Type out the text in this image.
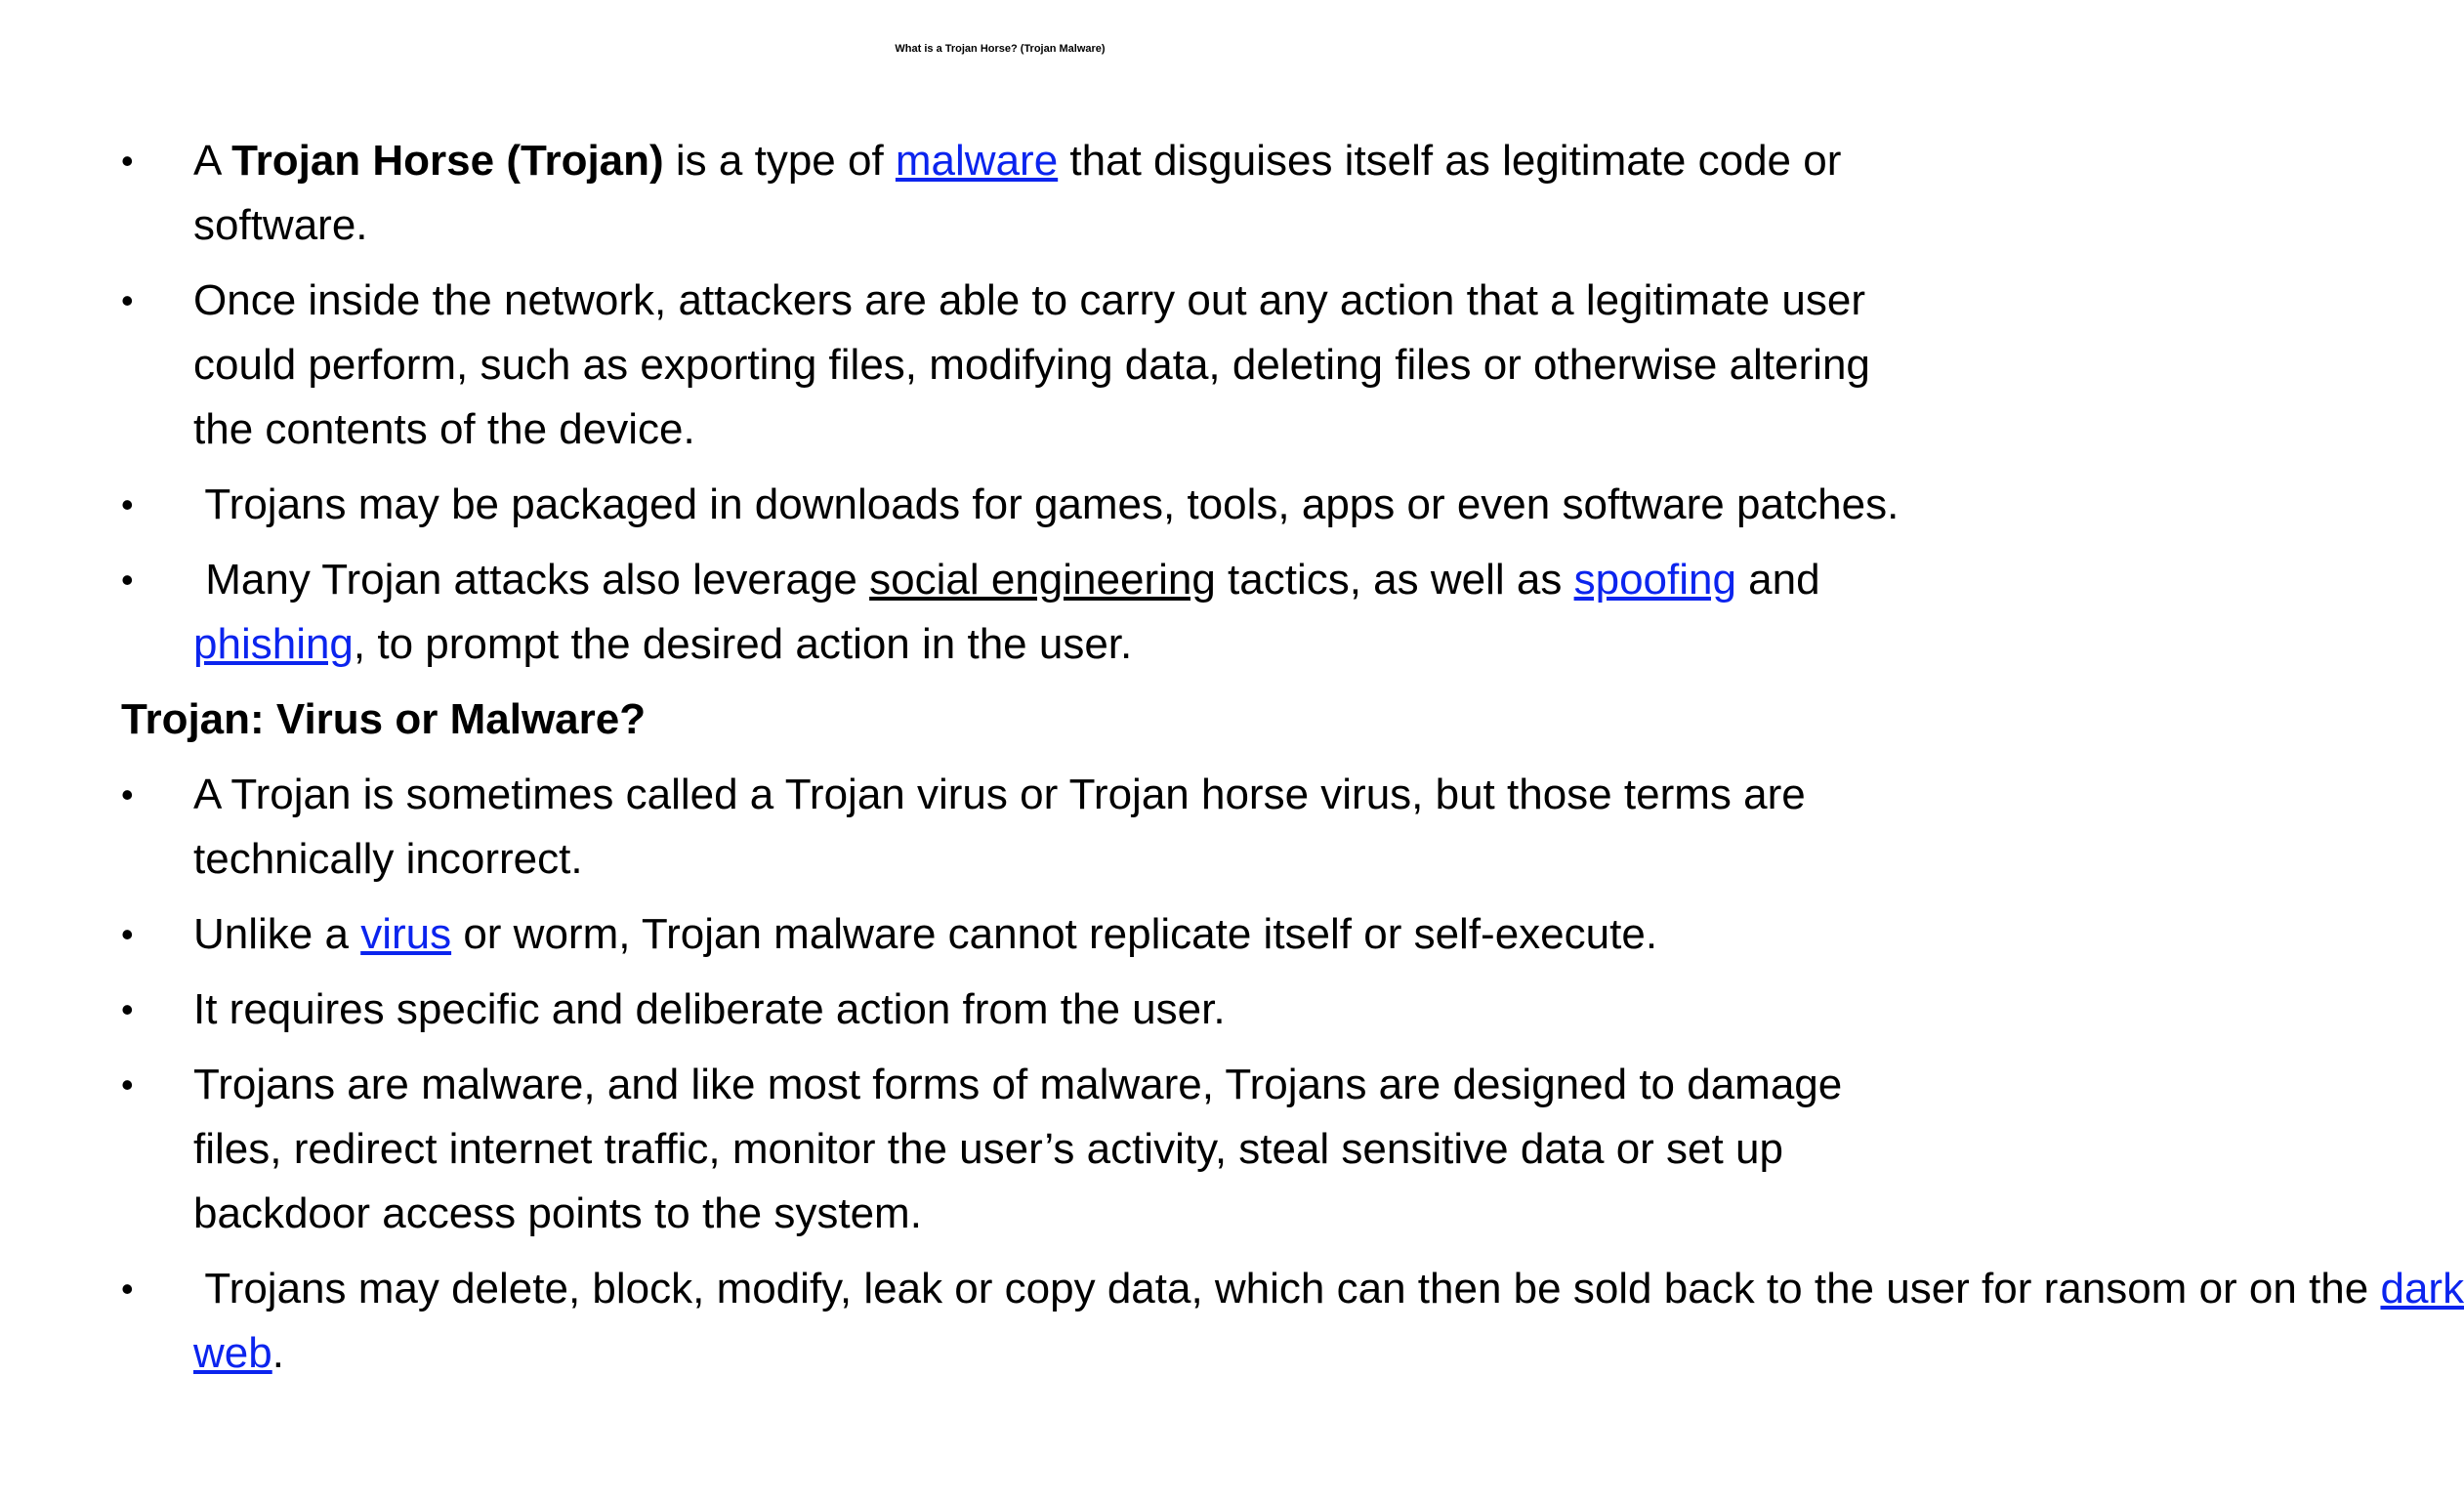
What is a Trojan Horse? (Trojan Malware)
• A Trojan Horse (Trojan) is a type of malware that disguises itself as legitimate code or software.
• Once inside the network, attackers are able to carry out any action that a legitimate user could perform, such as exporting files, modifying data, deleting files or otherwise altering the contents of the device.
• Trojans may be packaged in downloads for games, tools, apps or even software patches.
• Many Trojan attacks also leverage social engineering tactics, as well as spoofing and phishing, to prompt the desired action in the user.
Trojan: Virus or Malware?
• A Trojan is sometimes called a Trojan virus or Trojan horse virus, but those terms are technically incorrect.
• Unlike a virus or worm, Trojan malware cannot replicate itself or self-execute.
• It requires specific and deliberate action from the user.
• Trojans are malware, and like most forms of malware, Trojans are designed to damage files, redirect internet traffic, monitor the user’s activity, steal sensitive data or set up backdoor access points to the system.
• Trojans may delete, block, modify, leak or copy data, which can then be sold back to the user for ransom or on the dark web.
